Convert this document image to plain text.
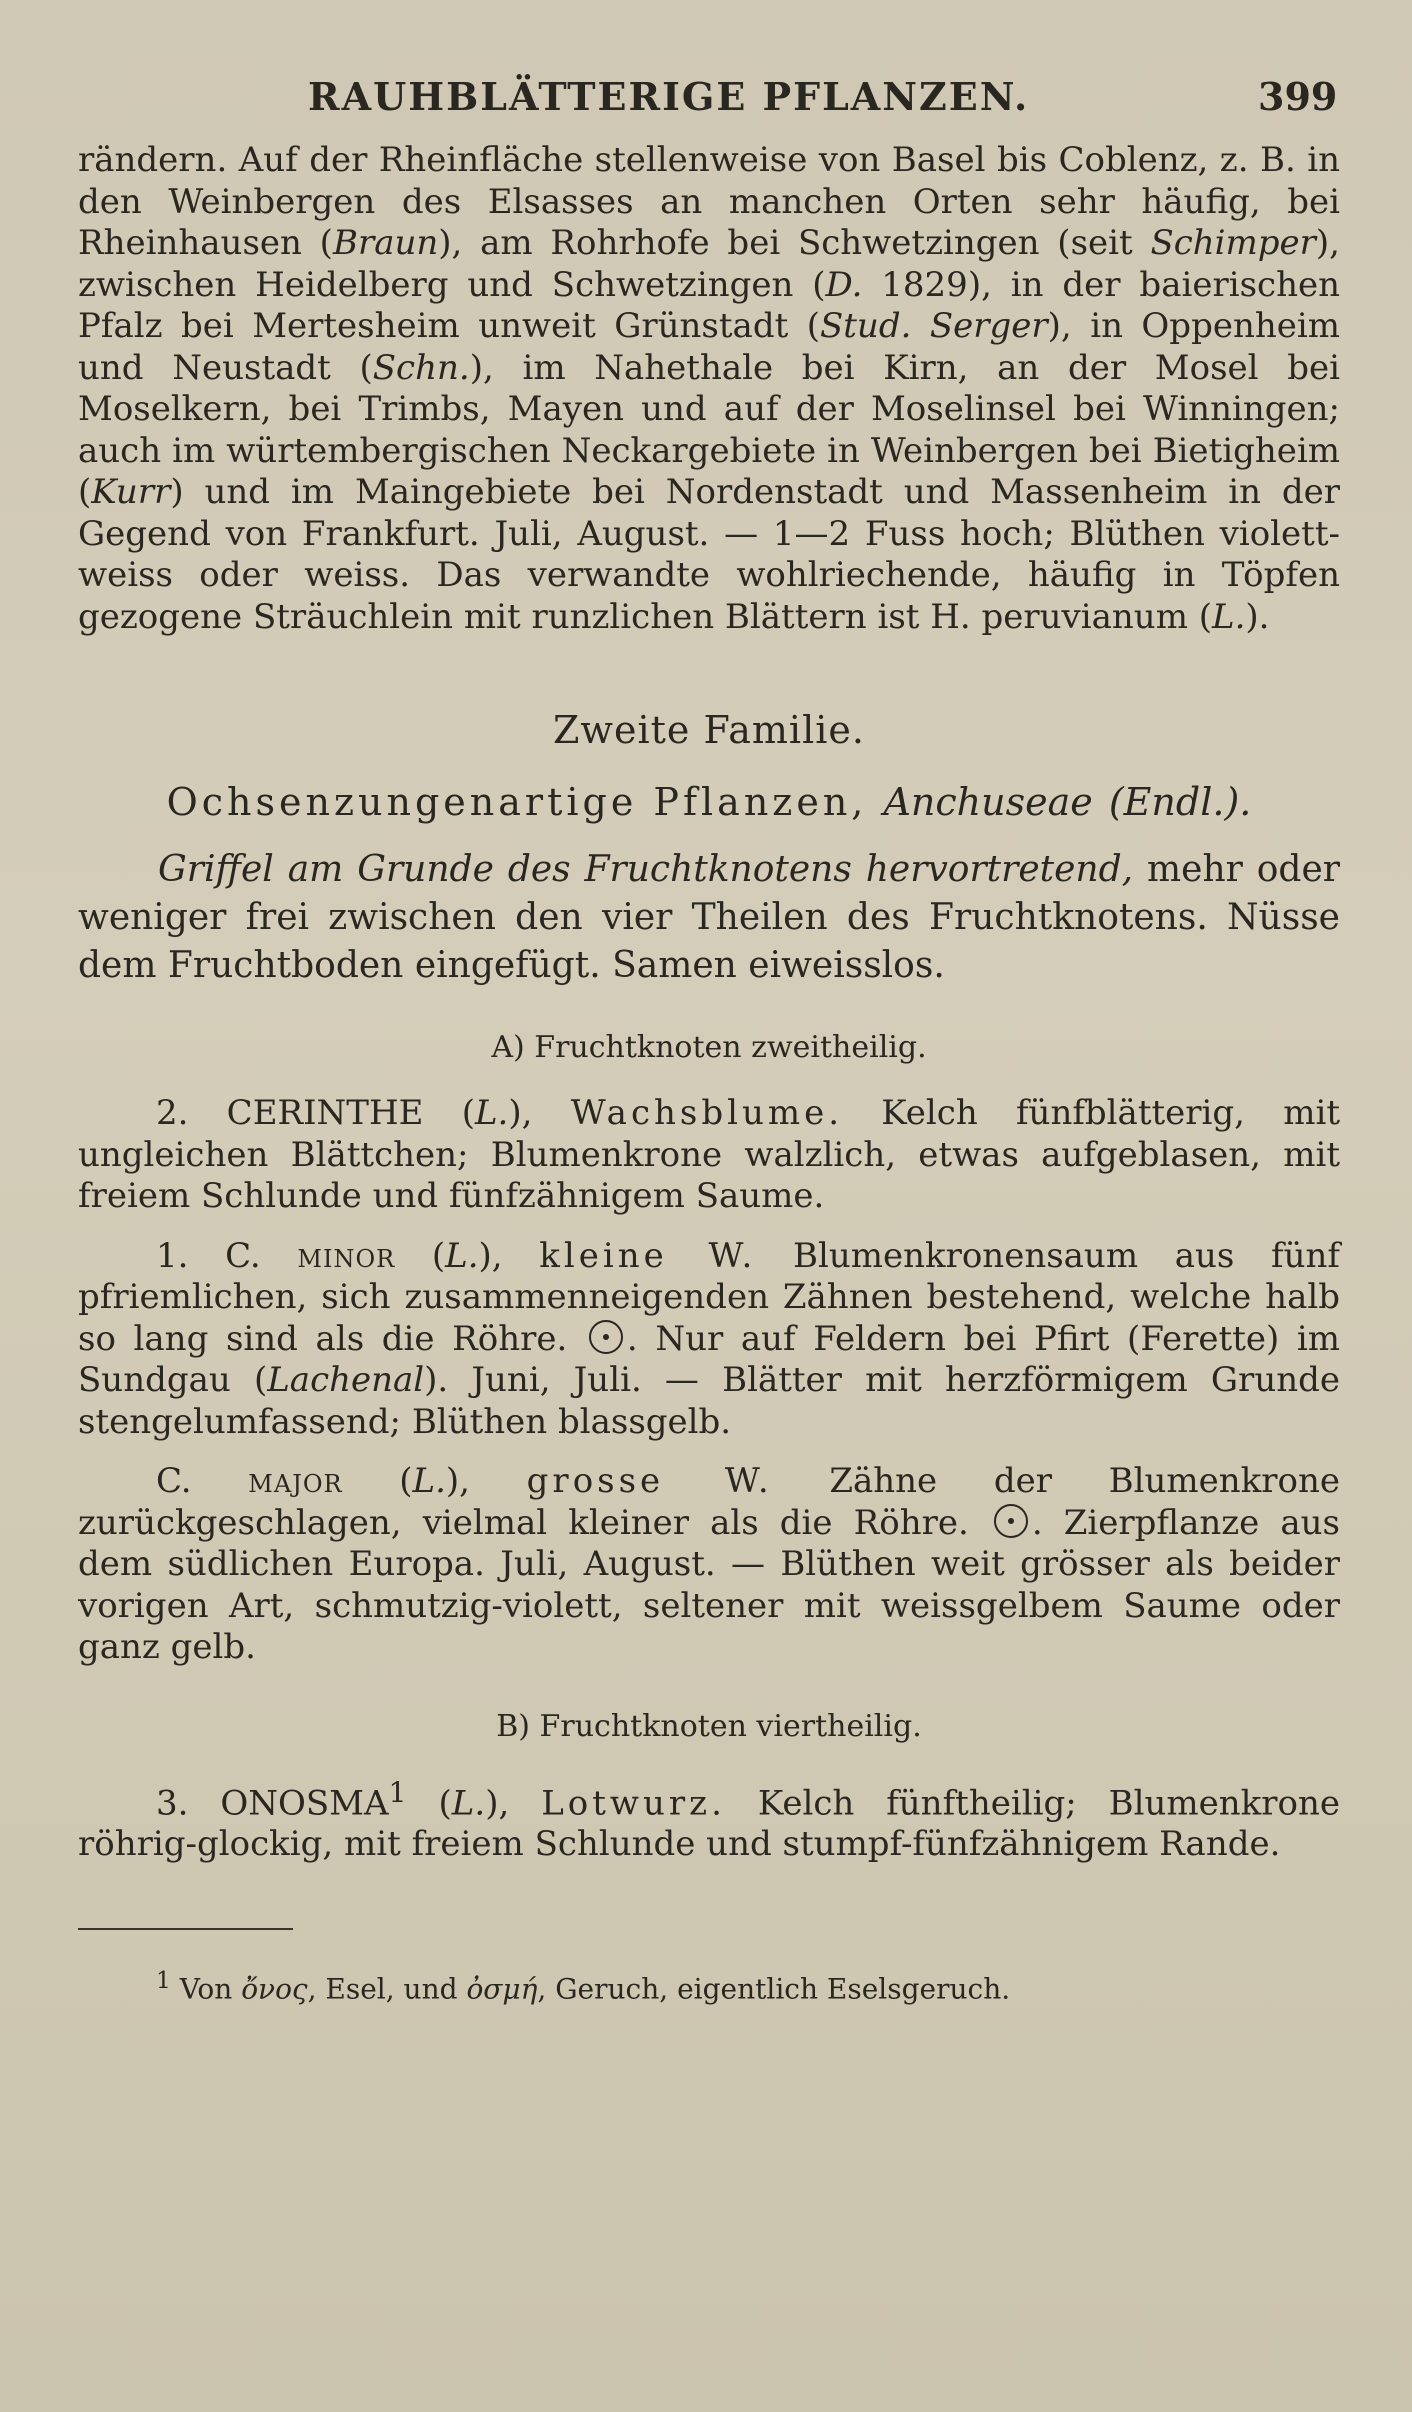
RAUHBLÄTTERIGE PFLANZEN.	399

rändern. Auf der Rheinfläche stellenweise von Basel bis Coblenz, z. B. in den Weinbergen des Elsasses an manchen Orten sehr häufig, bei Rheinhausen (Braun), am Rohrhofe bei Schwetzingen (seit Schimper), zwischen Heidelberg und Schwetzingen (D. 1829), in der baierischen Pfalz bei Mertesheim unweit Grünstadt (Stud. Serger), in Oppenheim und Neustadt (Schn.), im Nahethale bei Kirn, an der Mosel bei Moselkern, bei Trimbs, Mayen und auf der Moselinsel bei Winningen; auch im würtembergischen Neckargebiete in Weinbergen bei Bietigheim (Kurr) und im Maingebiete bei Nordenstadt und Massenheim in der Gegend von Frankfurt. Juli, August. — 1—2 Fuss hoch; Blüthen violett-weiss oder weiss. Das verwandte wohlriechende, häufig in Töpfen gezogene Sträuchlein mit runzlichen Blättern ist H. peruvianum (L.).

Zweite Familie.
Ochsenzungenartige Pflanzen, Anchuseae (Endl.).

Griffel am Grunde des Fruchtknotens hervortretend, mehr oder weniger frei zwischen den vier Theilen des Fruchtknotens. Nüsse dem Fruchtboden eingefügt. Samen eiweisslos.

A) Fruchtknoten zweitheilig.

2. CERINTHE (L.), Wachsblume. Kelch fünfblätterig, mit ungleichen Blättchen; Blumenkrone walzlich, etwas aufgeblasen, mit freiem Schlunde und fünfzähnigem Saume.

1. C. minor (L.), kleine W. Blumenkronensaum aus fünf pfriemlichen, sich zusammenneigenden Zähnen bestehend, welche halb so lang sind als die Röhre. . Nur auf Feldern bei Pfirt (Ferette) im Sundgau (Lachenal). Juni, Juli. — Blätter mit herzförmigem Grunde stengelumfassend; Blüthen blassgelb.

C. major (L.), grosse W. Zähne der Blumenkrone zurückgeschlagen, vielmal kleiner als die Röhre. . Zierpflanze aus dem südlichen Europa. Juli, August. — Blüthen weit grösser als beider vorigen Art, schmutzig-violett, seltener mit weissgelbem Saume oder ganz gelb.

B) Fruchtknoten viertheilig.

3. ONOSMA$^1$ (L.), Lotwurz. Kelch fünftheilig; Blumenkrone röhrig-glockig, mit freiem Schlunde und stumpf-fünfzähnigem Rande.

$^1$ Von ὄνος, Esel, und ὀσμή, Geruch, eigentlich Eselsgeruch.
